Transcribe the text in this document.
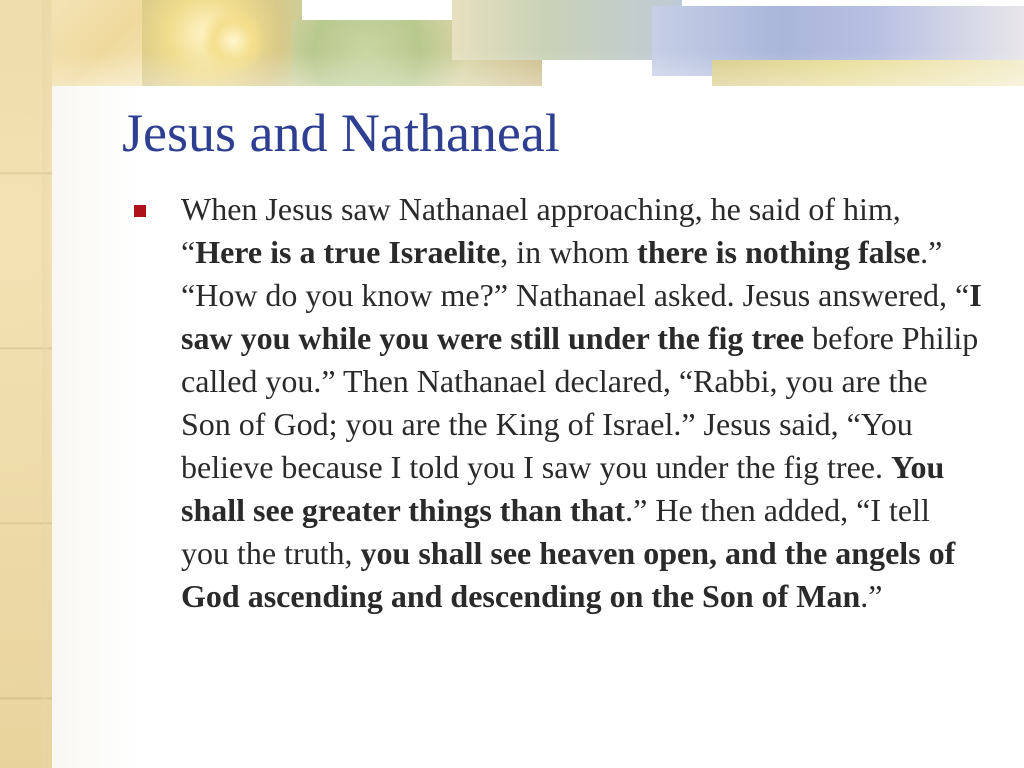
Jesus and Nathaneal

When Jesus saw Nathanael approaching, he said of him, “Here is a true Israelite, in whom there is nothing false.” “How do you know me?” Nathanael asked. Jesus answered, “I saw you while you were still under the fig tree before Philip called you.” Then Nathanael declared, “Rabbi, you are the Son of God; you are the King of Israel.” Jesus said, “You believe because I told you I saw you under the fig tree. You shall see greater things than that.” He then added, “I tell you the truth, you shall see heaven open, and the angels of God ascending and descending on the Son of Man.”
